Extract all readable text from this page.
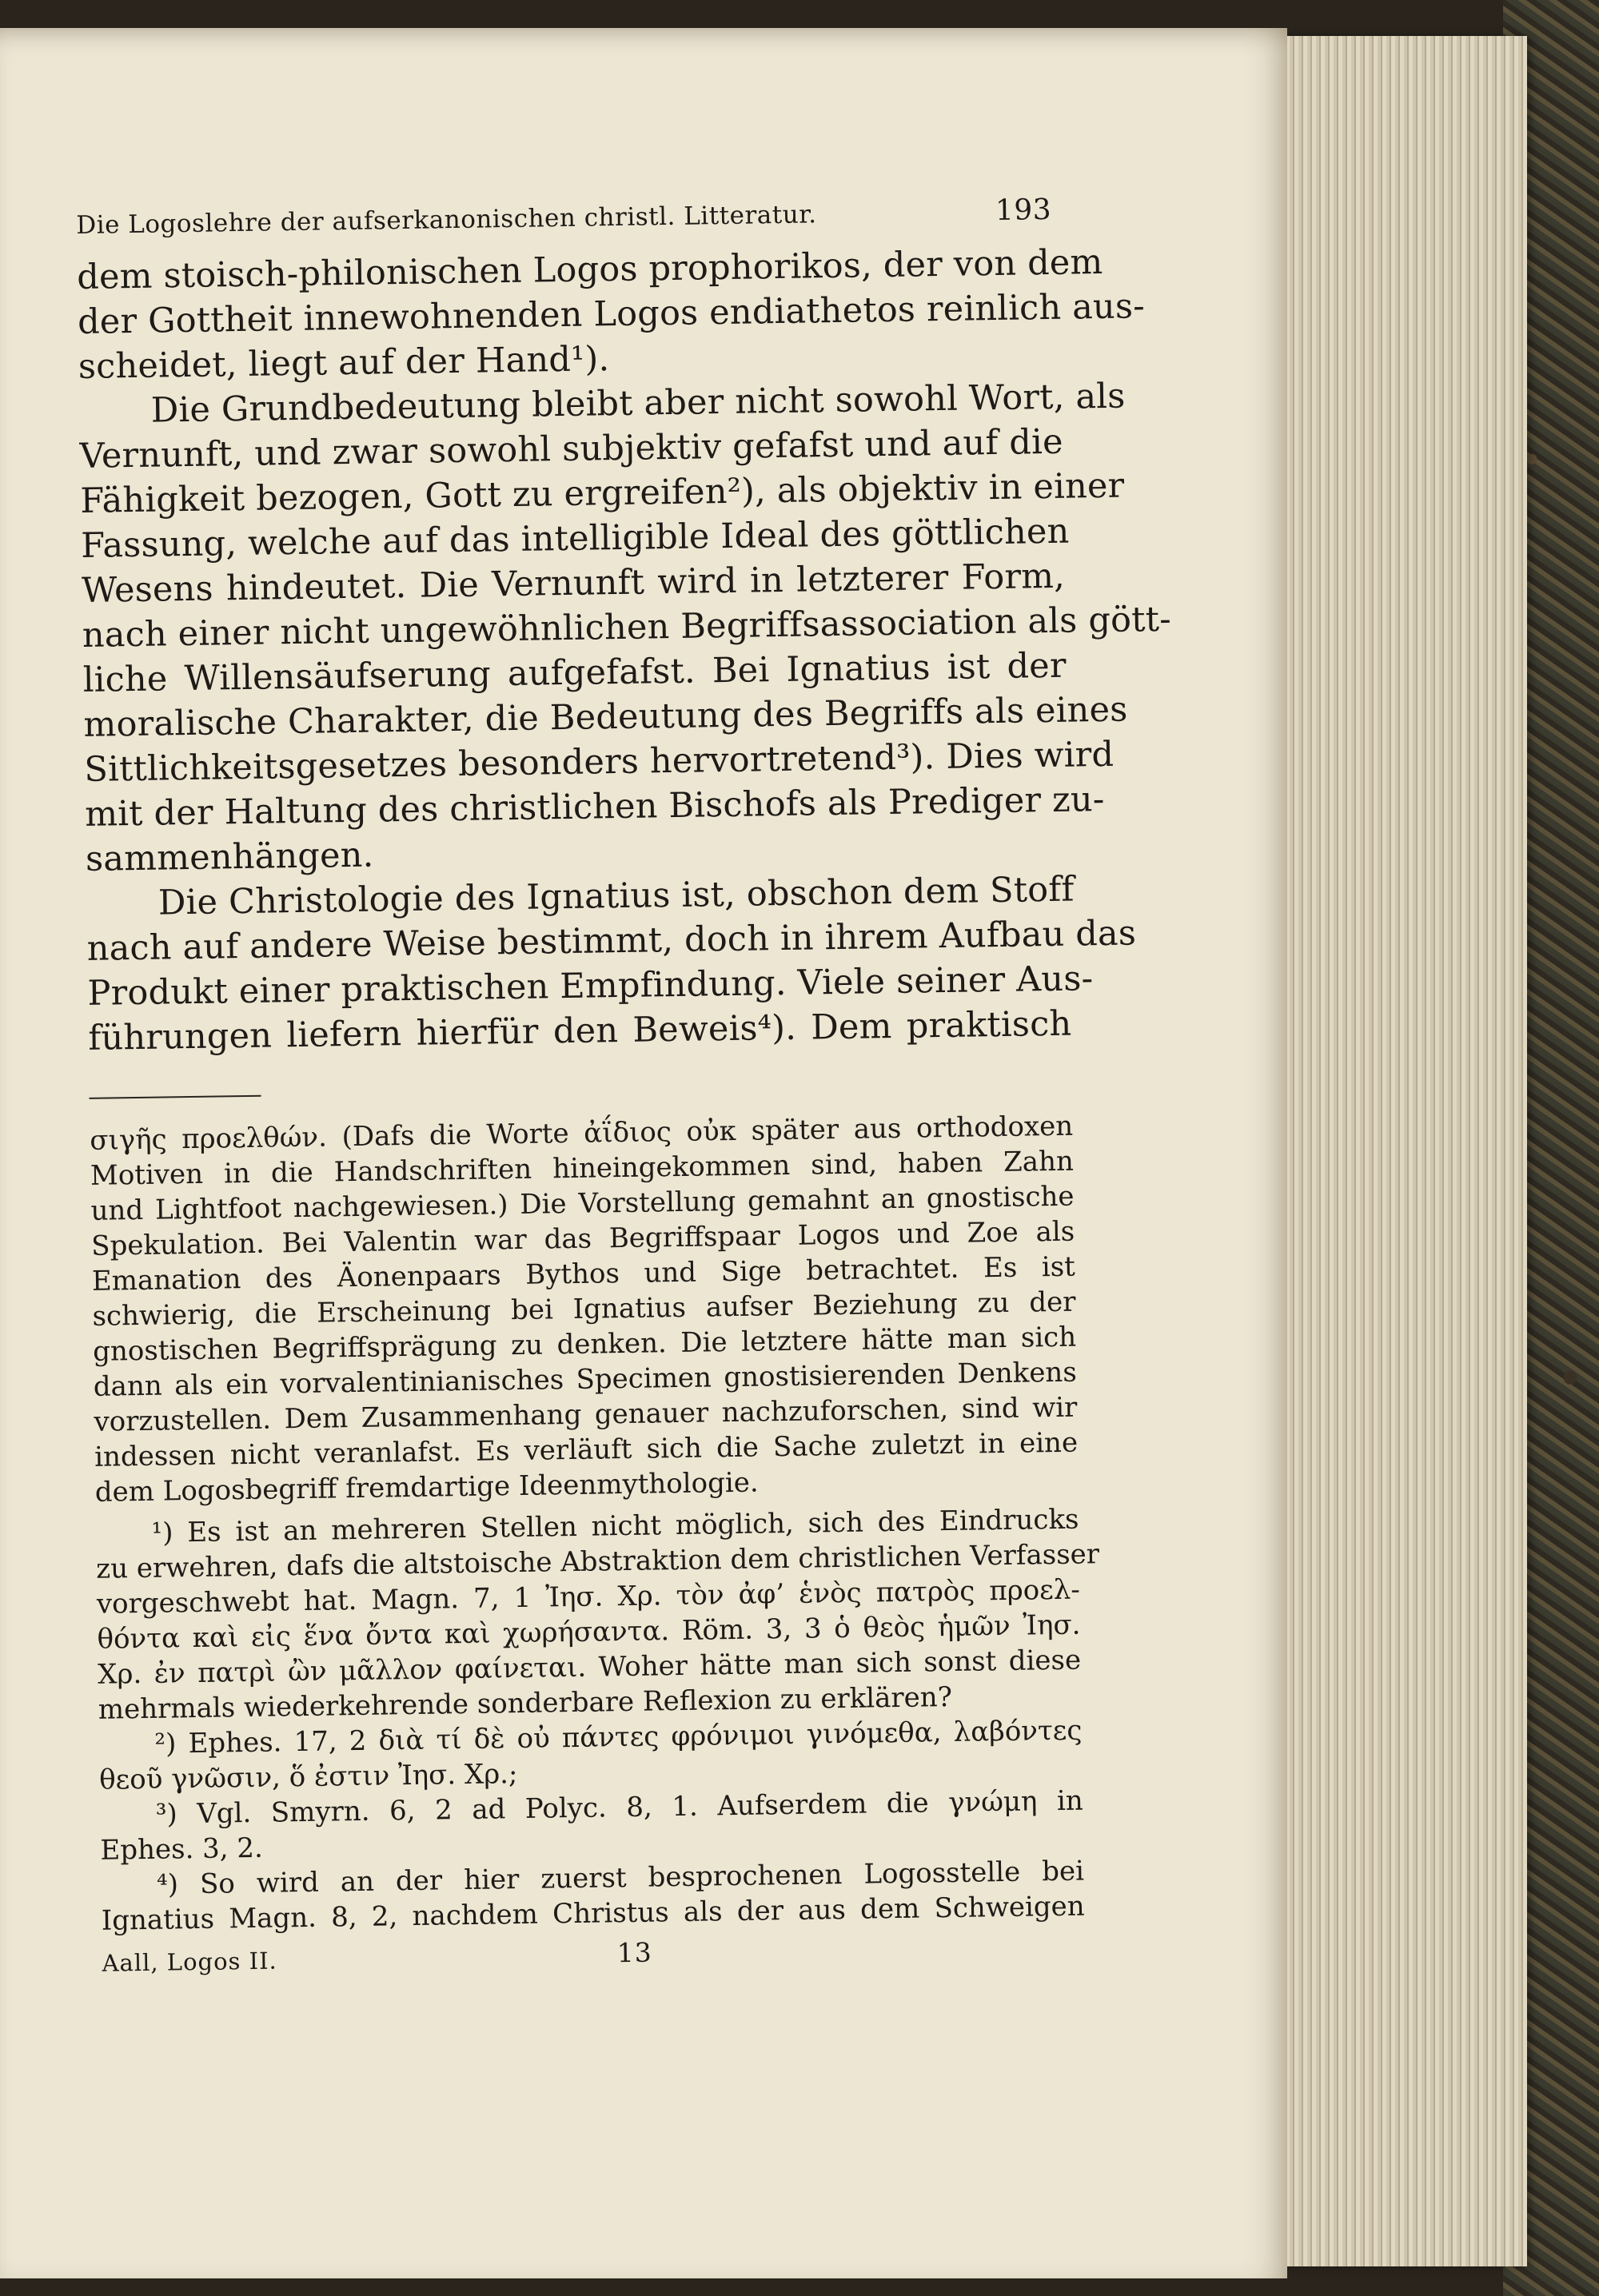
Die Logoslehre der aufserkanonischen christl. Litteratur.	193
dem stoisch-philonischen Logos prophorikos, der von dem
der Gottheit innewohnenden Logos endiathetos reinlich aus-
scheidet, liegt auf der Hand¹).
Die Grundbedeutung bleibt aber nicht sowohl Wort, als
Vernunft, und zwar sowohl subjektiv gefafst und auf die
Fähigkeit bezogen, Gott zu ergreifen²), als objektiv in einer
Fassung, welche auf das intelligible Ideal des göttlichen
Wesens hindeutet. Die Vernunft wird in letzterer Form,
nach einer nicht ungewöhnlichen Begriffsassociation als gött-
liche Willensäufserung aufgefafst. Bei Ignatius ist der
moralische Charakter, die Bedeutung des Begriffs als eines
Sittlichkeitsgesetzes besonders hervortretend³). Dies wird
mit der Haltung des christlichen Bischofs als Prediger zu-
sammenhängen.
Die Christologie des Ignatius ist, obschon dem Stoff
nach auf andere Weise bestimmt, doch in ihrem Aufbau das
Produkt einer praktischen Empfindung. Viele seiner Aus-
führungen liefern hierfür den Beweis⁴). Dem praktisch
σιγῆς προελθών. (Dafs die Worte ἀΐδιος οὐκ später aus orthodoxen
Motiven in die Handschriften hineingekommen sind, haben Zahn
und Lightfoot nachgewiesen.) Die Vorstellung gemahnt an gnostische
Spekulation. Bei Valentin war das Begriffspaar Logos und Zoe als
Emanation des Äonenpaars Bythos und Sige betrachtet. Es ist
schwierig, die Erscheinung bei Ignatius aufser Beziehung zu der
gnostischen Begriffsprägung zu denken. Die letztere hätte man sich
dann als ein vorvalentinianisches Specimen gnostisierenden Denkens
vorzustellen. Dem Zusammenhang genauer nachzuforschen, sind wir
indessen nicht veranlafst. Es verläuft sich die Sache zuletzt in eine
dem Logosbegriff fremdartige Ideenmythologie.
¹) Es ist an mehreren Stellen nicht möglich, sich des Eindrucks
zu erwehren, dafs die altstoische Abstraktion dem christlichen Verfasser
vorgeschwebt hat. Magn. 7, 1 Ἰησ. Χρ. τὸν ἀφ’ ἑνὸς πατρὸς προελ-
θόντα καὶ εἰς ἕνα ὄντα καὶ χωρήσαντα. Röm. 3, 3 ὁ θεὸς ἡμῶν Ἰησ.
Χρ. ἐν πατρὶ ὢν μᾶλλον φαίνεται. Woher hätte man sich sonst diese
mehrmals wiederkehrende sonderbare Reflexion zu erklären?
²) Ephes. 17, 2 διὰ τί δὲ οὐ πάντες φρόνιμοι γινόμεθα, λαβόντες
θεοῦ γνῶσιν, ὅ ἐστιν Ἰησ. Χρ.;
³) Vgl. Smyrn. 6, 2 ad Polyc. 8, 1. Aufserdem die γνώμη in
Ephes. 3, 2.
⁴) So wird an der hier zuerst besprochenen Logosstelle bei
Ignatius Magn. 8, 2, nachdem Christus als der aus dem Schweigen
Aall, Logos II.	13
